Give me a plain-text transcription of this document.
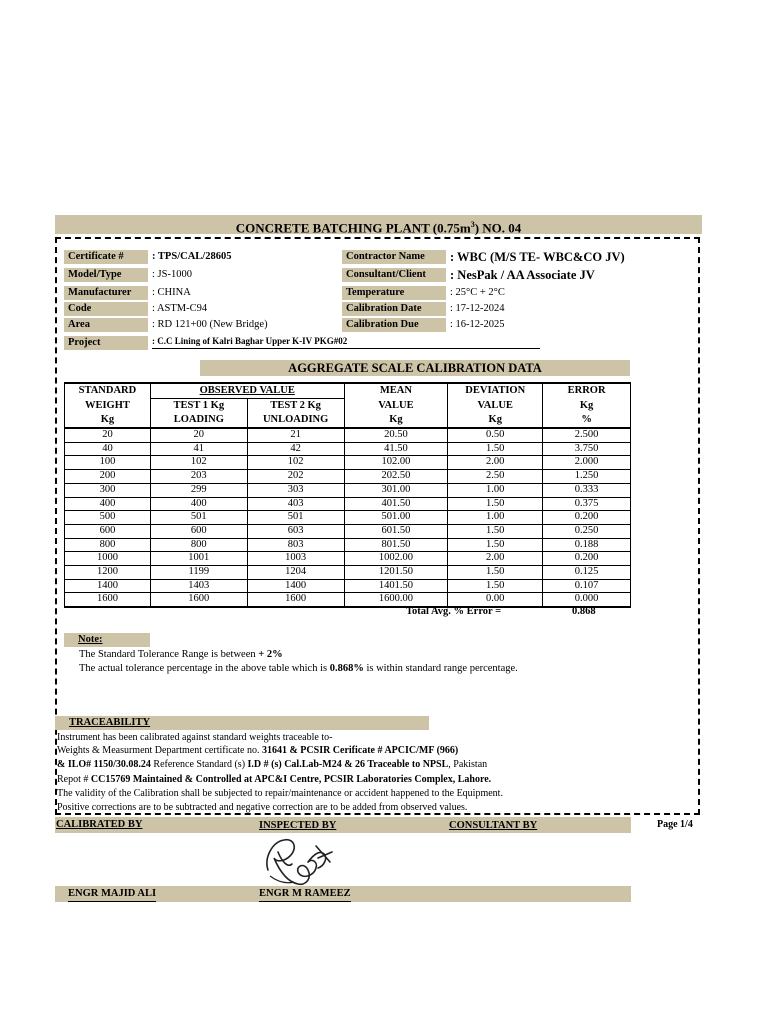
CONCRETE BATCHING PLANT $(0.75m^3)$ NO. 04
Certificate #	: TPS/CAL/28605
Model/Type	: JS-1000
Manufacturer	: CHINA
Code	: ASTM-C94
Area	: RD 121+00 (New Bridge)
Project	: C.C Lining of Kalri Baghar Upper K-IV PKG#02
Contractor Name	: WBC (M/S TE- WBC&CO JV)
Consultant/Client	: NesPak / AA Associate JV
Temperature	: 25°C + 2°C
Calibration Date	: 17-12-2024
Calibration Due	: 16-12-2025
AGGREGATE SCALE CALIBRATION DATA
STANDARD	OBSERVED VALUE		MEAN	DEVIATION	ERROR
WEIGHT	TEST 1 Kg	TEST 2 Kg	VALUE	VALUE	Kg
Kg	LOADING	UNLOADING	Kg	Kg	%
20	20	21	20.50	0.50	2.500
40	41	42	41.50	1.50	3.750
100	102	102	102.00	2.00	2.000
200	203	202	202.50	2.50	1.250
300	299	303	301.00	1.00	0.333
400	400	403	401.50	1.50	0.375
500	501	501	501.00	1.00	0.200
600	600	603	601.50	1.50	0.250
800	800	803	801.50	1.50	0.188
1000	1001	1003	1002.00	2.00	0.200
1200	1199	1204	1201.50	1.50	0.125
1400	1403	1400	1401.50	1.50	0.107
1600	1600	1600	1600.00	0.00	0.000
Total Avg. % Error =	0.868
Note:
The Standard Tolerance Range is between + 2%
The actual tolerance percentage in the above table which is 0.868% is within standard range percentage.
TRACEABILITY
Instrument has been calibrated against standard weights traceable to-
Weights & Measurment Department certificate no. 31641 & PCSIR Cerificate # APCIC/MF (966)
& ILO# 1150/30.08.24 Reference Standard (s) I.D # (s) Cal.Lab-M24 & 26 Traceable to NPSL, Pakistan
Repot # CC15769 Maintained & Controlled at APC&I Centre, PCSIR Laboratories Complex, Lahore.
The validity of the Calibration shall be subjected to repair/maintenance or accident happened to the Equipment.
Positive corrections are to be subtracted and negative correction are to be added from observed values.
CALIBRATED BY	INSPECTED BY	CONSULTANT BY	Page 1/4
ENGR MAJID ALI	ENGR M RAMEEZ
